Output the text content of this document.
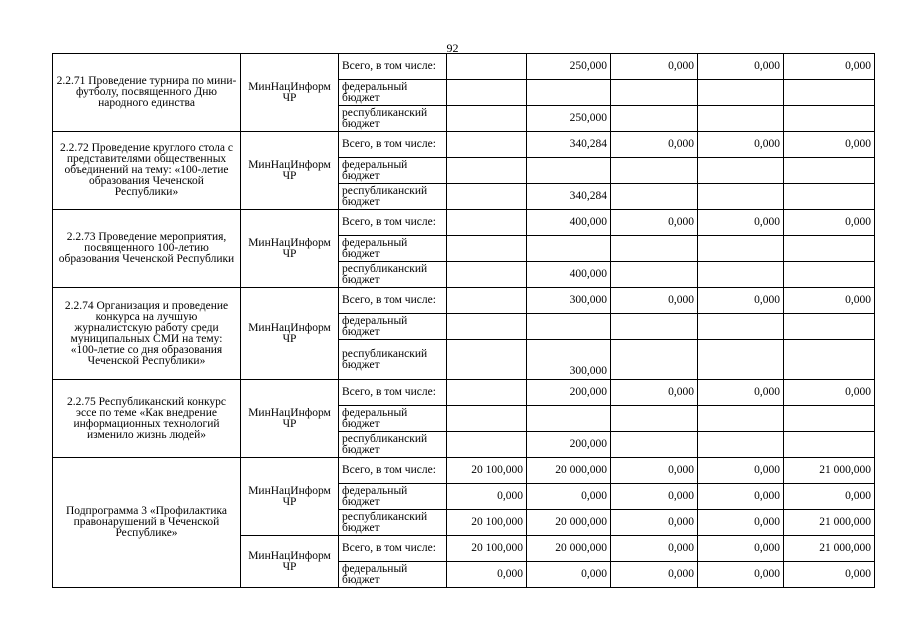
92
2.2.71 Проведение турнира по мини-футболу, посвященного Дню народного единства	МинНацИнформ ЧР	Всего, в том числе:		250,000	0,000	0,000	0,000
		федеральный бюджет					
		республиканский бюджет		250,000			
2.2.72 Проведение круглого стола с представителями общественных объединений на тему: «100-летие образования Чеченской Республики»	МинНацИнформ ЧР	Всего, в том числе:		340,284	0,000	0,000	0,000
		федеральный бюджет					
		республиканский бюджет		340,284			
2.2.73 Проведение мероприятия, посвященного 100-летию образования Чеченской Республики	МинНацИнформ ЧР	Всего, в том числе:		400,000	0,000	0,000	0,000
		федеральный бюджет					
		республиканский бюджет		400,000			
2.2.74 Организация и проведение конкурса на лучшую журналистскую работу среди муниципальных СМИ на тему: «100-летие со дня образования Чеченской Республики»	МинНацИнформ ЧР	Всего, в том числе:		300,000	0,000	0,000	0,000
		федеральный бюджет					
		республиканский бюджет		300,000			
2.2.75 Республиканский конкурс эссе по теме «Как внедрение информационных технологий изменило жизнь людей»	МинНацИнформ ЧР	Всего, в том числе:		200,000	0,000	0,000	0,000
		федеральный бюджет					
		республиканский бюджет		200,000			
Подпрограмма 3 «Профилактика правонарушений в Чеченской Республике»	МинНацИнформ ЧР	Всего, в том числе:	20 100,000	20 000,000	0,000	0,000	21 000,000
		федеральный бюджет	0,000	0,000	0,000	0,000	0,000
		республиканский бюджет	20 100,000	20 000,000	0,000	0,000	21 000,000
	МинНацИнформ ЧР	Всего, в том числе:	20 100,000	20 000,000	0,000	0,000	21 000,000
		федеральный бюджет	0,000	0,000	0,000	0,000	0,000
